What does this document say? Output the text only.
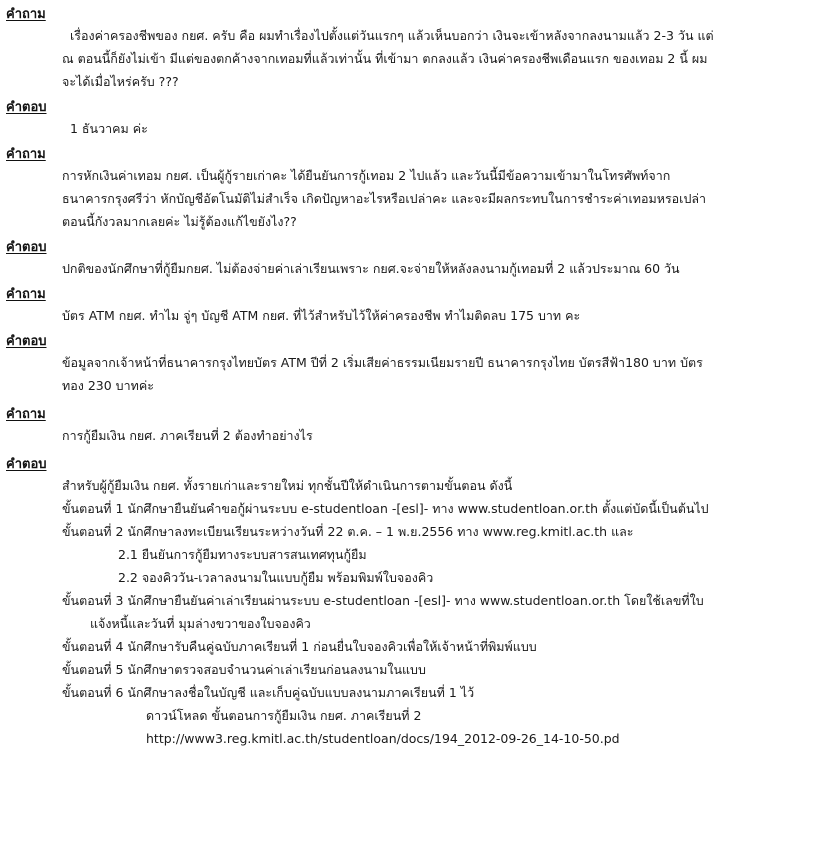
คำถาม

เรื่องค่าครองชีพของ กยศ. ครับ คือ ผมทำเรื่องไปตั้งแต่วันแรกๆ แล้วเห็นบอกว่า เงินจะเข้าหลังจากลงนามแล้ว 2-3 วัน แต่

ณ ตอนนี้ก็ยังไม่เข้า มีแต่ของตกค้างจากเทอมที่แล้วเท่านั้น ที่เข้ามา ตกลงแล้ว เงินค่าครองชีพเดือนแรก ของเทอม 2 นี้ ผม

จะได้เมื่อไหร่ครับ ???

คำตอบ

1 ธันวาคม ค่ะ

คำถาม

การหักเงินค่าเทอม กยศ. เป็นผู้กู้รายเก่าคะ ได้ยืนยันการกู้เทอม 2 ไปแล้ว และวันนี้มีข้อความเข้ามาในโทรศัพท์จาก

ธนาคารกรุงศรีว่า หักบัญชีอัตโนมัติไม่สำเร็จ เกิดปัญหาอะไรหรือเปล่าคะ และจะมีผลกระทบในการชำระค่าเทอมหรอเปล่า

ตอนนี้กังวลมากเลยค่ะ ไม่รู้ต้องแก้ไขยังไง??

คำตอบ

ปกติของนักศึกษาที่กู้ยืมกยศ. ไม่ต้องจ่ายค่าเล่าเรียนเพราะ กยศ.จะจ่ายให้หลังลงนามกู้เทอมที่ 2 แล้วประมาณ 60 วัน

คำถาม

บัตร ATM กยศ. ทำไม จู่ๆ บัญชี ATM กยศ. ที่ไว้สำหรับไว้ให้ค่าครองชีพ ทำไมติดลบ 175 บาท คะ

คำตอบ

ข้อมูลจากเจ้าหน้าที่ธนาคารกรุงไทยบัตร ATM ปีที่ 2 เริ่มเสียค่าธรรมเนียมรายปี ธนาคารกรุงไทย บัตรสีฟ้า180 บาท บัตร

ทอง 230 บาทค่ะ

คำถาม

การกู้ยืมเงิน กยศ. ภาคเรียนที่ 2 ต้องทำอย่างไร

คำตอบ

สำหรับผู้กู้ยืมเงิน กยศ. ทั้งรายเก่าและรายใหม่ ทุกชั้นปีให้ดำเนินการตามขั้นตอน ดังนี้

ขั้นตอนที่ 1 นักศึกษายืนยันคำขอกู้ผ่านระบบ e-studentloan -[esl]- ทาง www.studentloan.or.th ตั้งแต่บัดนี้เป็นต้นไป

ขั้นตอนที่ 2 นักศึกษาลงทะเบียนเรียนระหว่างวันที่ 22 ต.ค. – 1 พ.ย.2556 ทาง www.reg.kmitl.ac.th และ

2.1 ยืนยันการกู้ยืมทางระบบสารสนเทศทุนกู้ยืม

2.2 จองคิววัน-เวลาลงนามในแบบกู้ยืม พร้อมพิมพ์ใบจองคิว

ขั้นตอนที่ 3 นักศึกษายืนยันค่าเล่าเรียนผ่านระบบ e-studentloan -[esl]- ทาง www.studentloan.or.th โดยใช้เลขที่ใบ

แจ้งหนี้และวันที่ มุมล่างขวาของใบจองคิว

ขั้นตอนที่ 4 นักศึกษารับคืนคู่ฉบับภาคเรียนที่ 1 ก่อนยื่นใบจองคิวเพื่อให้เจ้าหน้าที่พิมพ์แบบ

ขั้นตอนที่ 5 นักศึกษาตรวจสอบจำนวนค่าเล่าเรียนก่อนลงนามในแบบ

ขั้นตอนที่ 6 นักศึกษาลงชื่อในบัญชี และเก็บคู่ฉบับแบบลงนามภาคเรียนที่ 1 ไว้

ดาวน์โหลด ขั้นตอนการกู้ยืมเงิน กยศ. ภาคเรียนที่ 2

http://www3.reg.kmitl.ac.th/studentloan/docs/194_2012-09-26_14-10-50.pd
